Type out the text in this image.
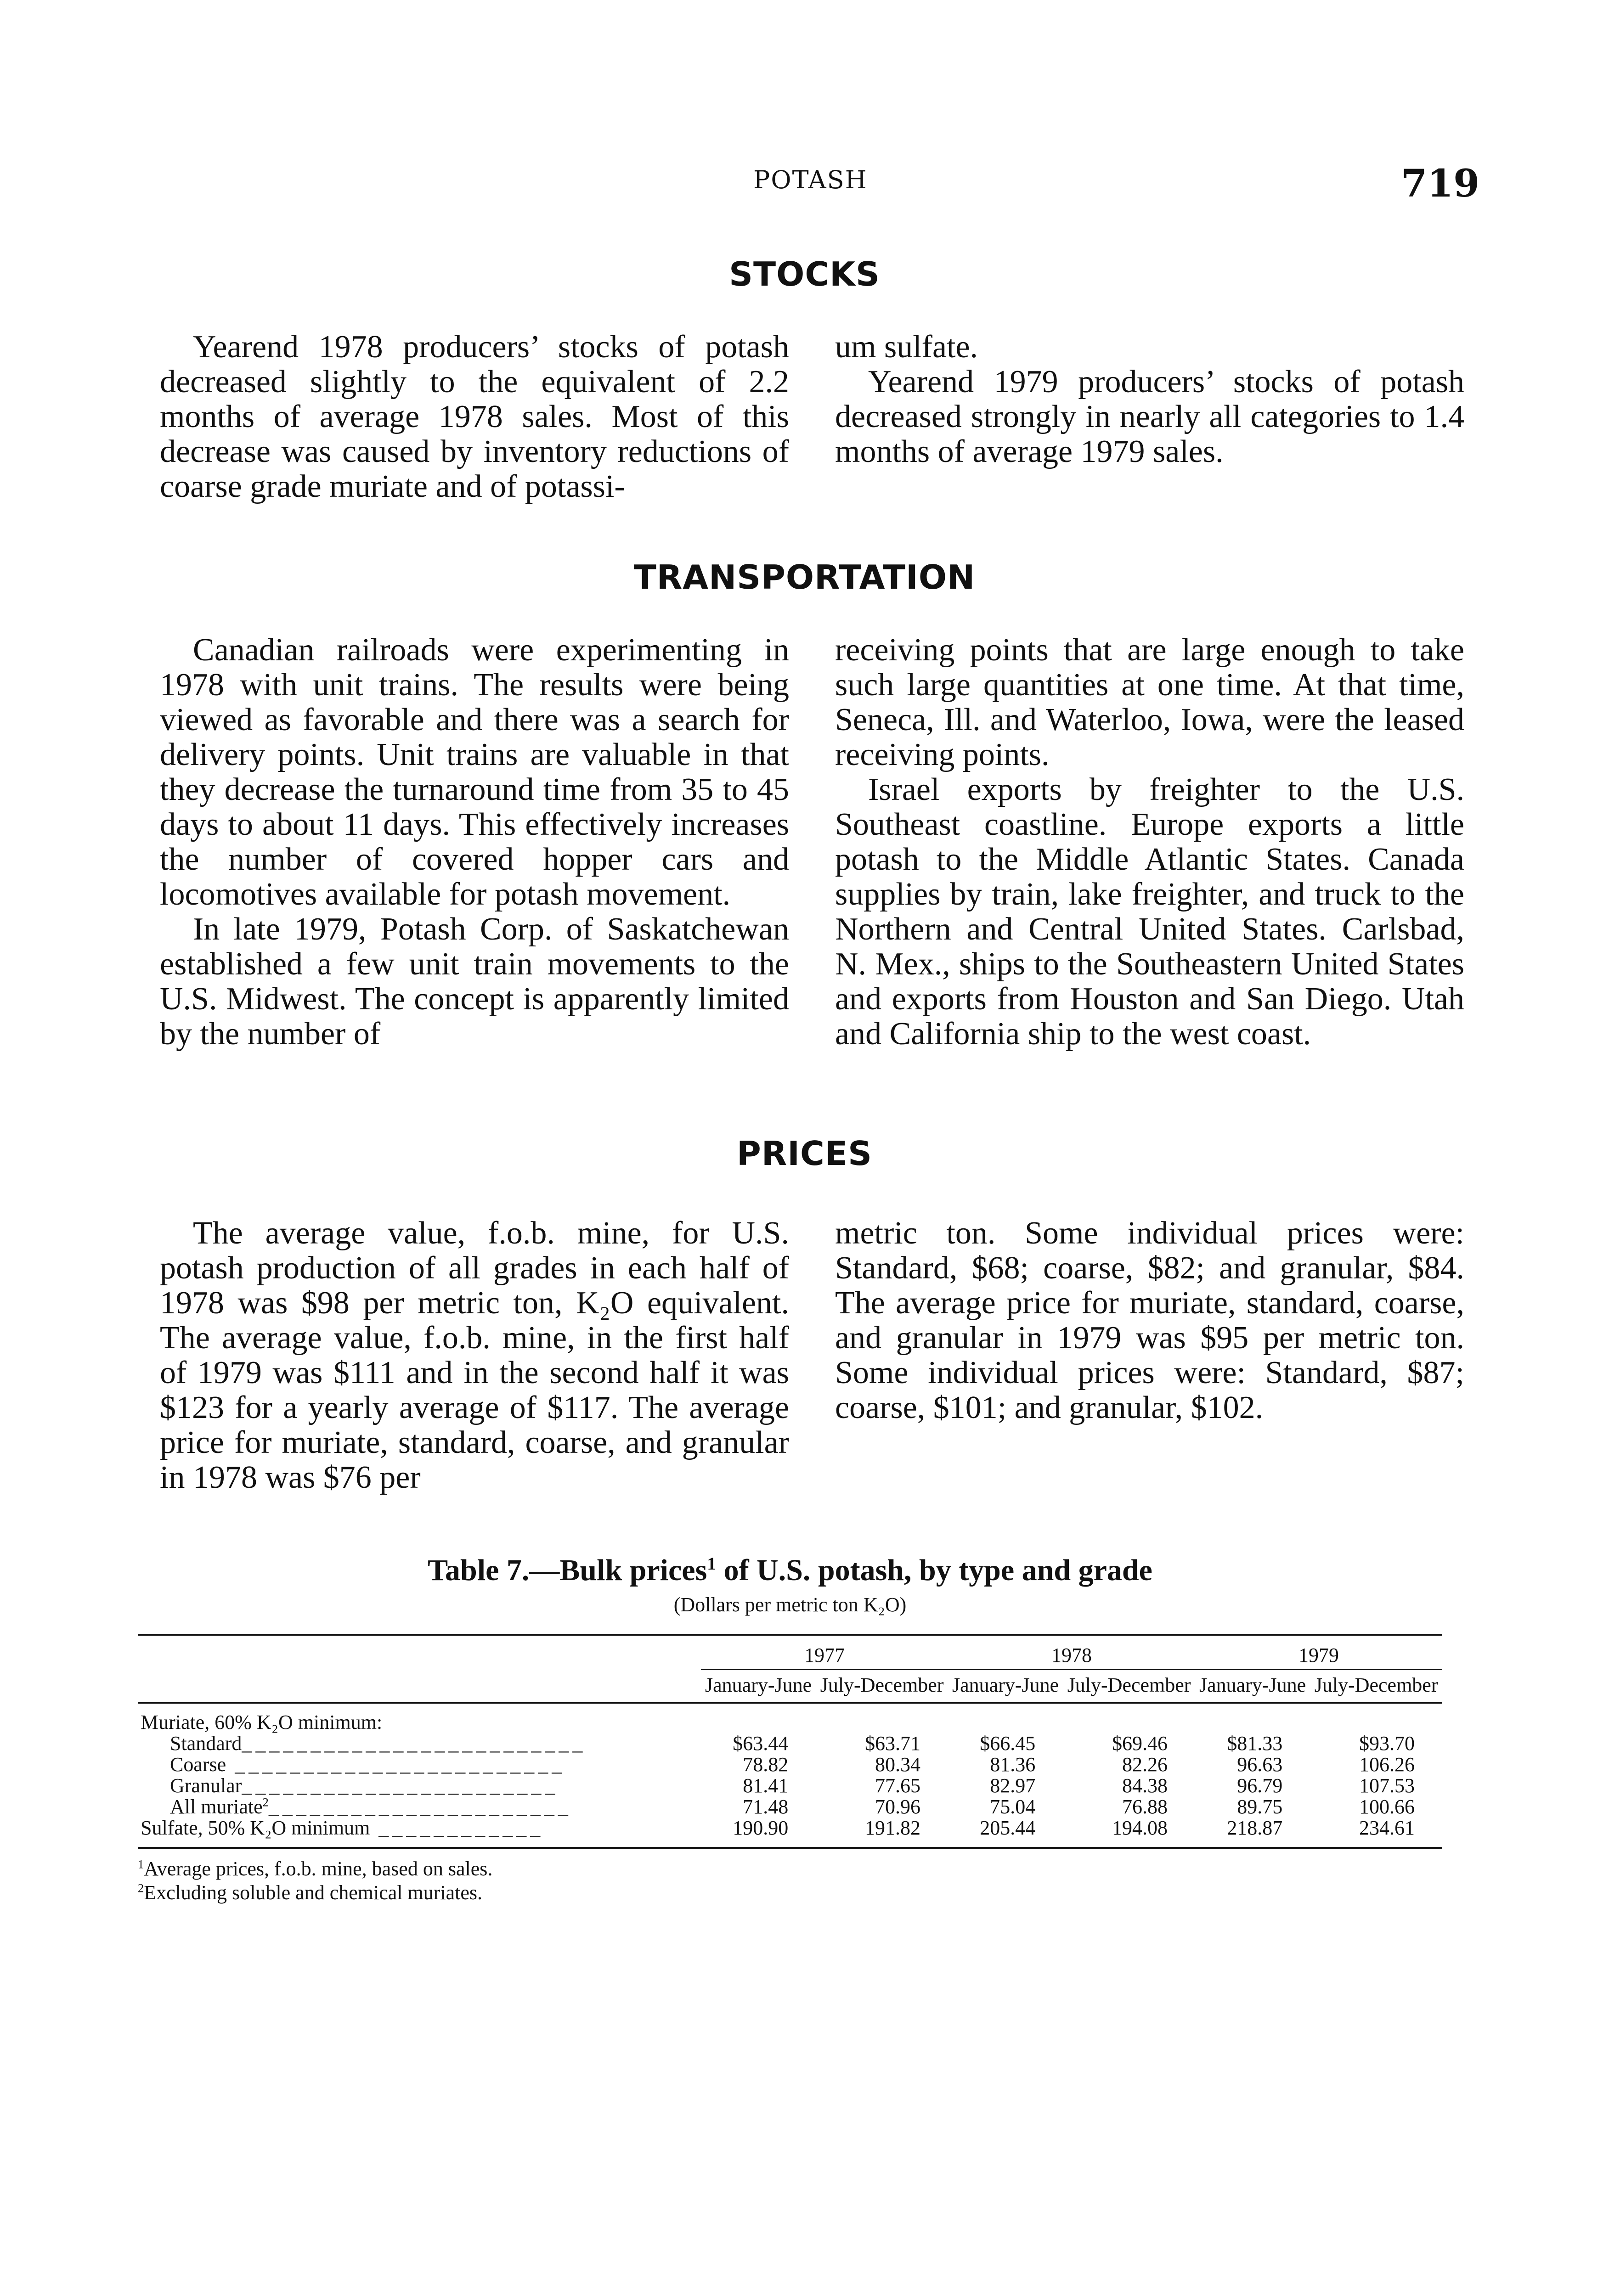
POTASH	719
STOCKS

Yearend 1978 producers’ stocks of potash decreased slightly to the equivalent of 2.2 months of average 1978 sales. Most of this decrease was caused by inventory reductions of coarse grade muriate and of potassi-

um sulfate.

Yearend 1979 producers’ stocks of potash decreased strongly in nearly all categories to 1.4 months of average 1979 sales.

TRANSPORTATION

Canadian railroads were experimenting in 1978 with unit trains. The results were being viewed as favorable and there was a search for delivery points. Unit trains are valuable in that they decrease the turnaround time from 35 to 45 days to about 11 days. This effectively increases the number of covered hopper cars and locomotives available for potash movement.

In late 1979, Potash Corp. of Saskatchewan established a few unit train movements to the U.S. Midwest. The concept is apparently limited by the number of

receiving points that are large enough to take such large quantities at one time. At that time, Seneca, Ill. and Waterloo, Iowa, were the leased receiving points.

Israel exports by freighter to the U.S. Southeast coastline. Europe exports a little potash to the Middle Atlantic States. Canada supplies by train, lake freighter, and truck to the Northern and Central United States. Carlsbad, N. Mex., ships to the Southeastern United States and exports from Houston and San Diego. Utah and California ship to the west coast.

PRICES

The average value, f.o.b. mine, for U.S. potash production of all grades in each half of 1978 was $98 per metric ton, K₂O equivalent. The average value, f.o.b. mine, in the first half of 1979 was $111 and in the second half it was $123 for a yearly average of $117. The average price for muriate, standard, coarse, and granular in 1978 was $76 per

metric ton. Some individual prices were: Standard, $68; coarse, $82; and granular, $84. The average price for muriate, standard, coarse, and granular in 1979 was $95 per metric ton. Some individual prices were: Standard, $87; coarse, $101; and granular, $102.

Table 7.—Bulk prices$^1$ of U.S. potash, by type and grade
(Dollars per metric ton K₂O)
	1977		1978		1979	
	January-June	July-December	January-June	July-December	January-June	July-December
Muriate, 60% K₂O minimum:						
Standard_________________________	$63.44	$63.71	$66.45	$69.46	$81.33	$93.70
Coarse ________________________	78.82	80.34	81.36	82.26	96.63	106.26
Granular_______________________	81.41	77.65	82.97	84.38	96.79	107.53
All muriate$^2$______________________	71.48	70.96	75.04	76.88	89.75	100.66
Sulfate, 50% K₂O minimum ____________	190.90	191.82	205.44	194.08	218.87	234.61
$^1$Average prices, f.o.b. mine, based on sales.
$^2$Excluding soluble and chemical muriates.
